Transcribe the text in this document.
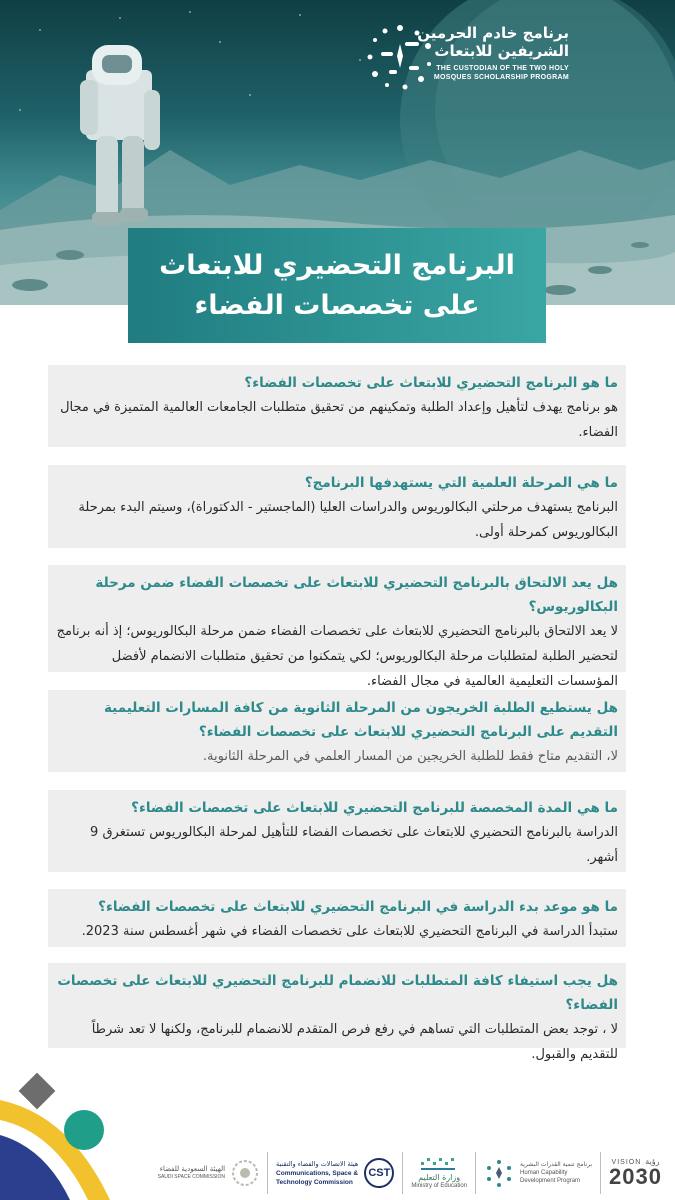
برنامج خادم الحرمين
الشريفين للابتعاث
THE CUSTODIAN OF THE TWO HOLY
MOSQUES SCHOLARSHIP PROGRAM
البرنامج التحضيري للابتعاث
على تخصصات الفضاء
ما هو البرنامج التحضيري للابتعاث على تخصصات الفضاء؟
هو برنامج يهدف لتأهيل وإعداد الطلبة وتمكينهم من تحقيق متطلبات الجامعات العالمية المتميزة في مجال الفضاء.
ما هي المرحلة العلمية التي يستهدفها البرنامج؟
البرنامج يستهدف مرحلتي البكالوريوس والدراسات العليا (الماجستير - الدكتوراة)، وسيتم البدء بمرحلة البكالوريوس كمرحلة أولى.
هل يعد الالتحاق بالبرنامج التحضيري للابتعاث على تخصصات الفضاء ضمن مرحلة البكالوريوس؟
لا يعد الالتحاق بالبرنامج التحضيري للابتعاث على تخصصات الفضاء ضمن مرحلة البكالوريوس؛ إذ أنه برنامج لتحضير الطلبة لمتطلبات مرحلة البكالوريوس؛ لكي يتمكنوا من تحقيق متطلبات الانضمام لأفضل المؤسسات التعليمية العالمية في مجال الفضاء.
هل يستطيع الطلبة الخريجون من المرحلة الثانوية من كافة المسارات التعليمية التقديم على البرنامج التحضيري للابتعاث على تخصصات الفضاء؟
لا، التقديم متاح فقط للطلبة الخريجين من المسار العلمي في المرحلة الثانوية.
ما هي المدة المخصصة للبرنامج التحضيري للابتعاث على تخصصات الفضاء؟
الدراسة بالبرنامج التحضيري للابتعاث على تخصصات الفضاء للتأهيل لمرحلة البكالوريوس تستغرق 9 أشهر.
ما هو موعد بدء الدراسة في البرنامج التحضيري للابتعاث على تخصصات الفضاء؟
ستبدأ الدراسة في البرنامج التحضيري للابتعاث على تخصصات الفضاء في شهر أغسطس سنة 2023.
هل يجب استيفاء كافة المتطلبات للانضمام للبرنامج التحضيري للابتعاث على تخصصات الفضاء؟
لا ، توجد بعض المتطلبات التي تساهم في رفع فرص المتقدم للانضمام للبرنامج، ولكنها لا تعد شرطاً للتقديم والقبول.
VISION رؤية
2030
برنامج تنمية القدرات البشرية
Human Capability Development Program
وزارة التعليم
Ministry of Education
هيئة الاتصالات والفضاء والتقنية
Communications, Space &
Technology Commission
CST
الهيئة السعودية للفضاء
SAUDI SPACE COMMISSION
